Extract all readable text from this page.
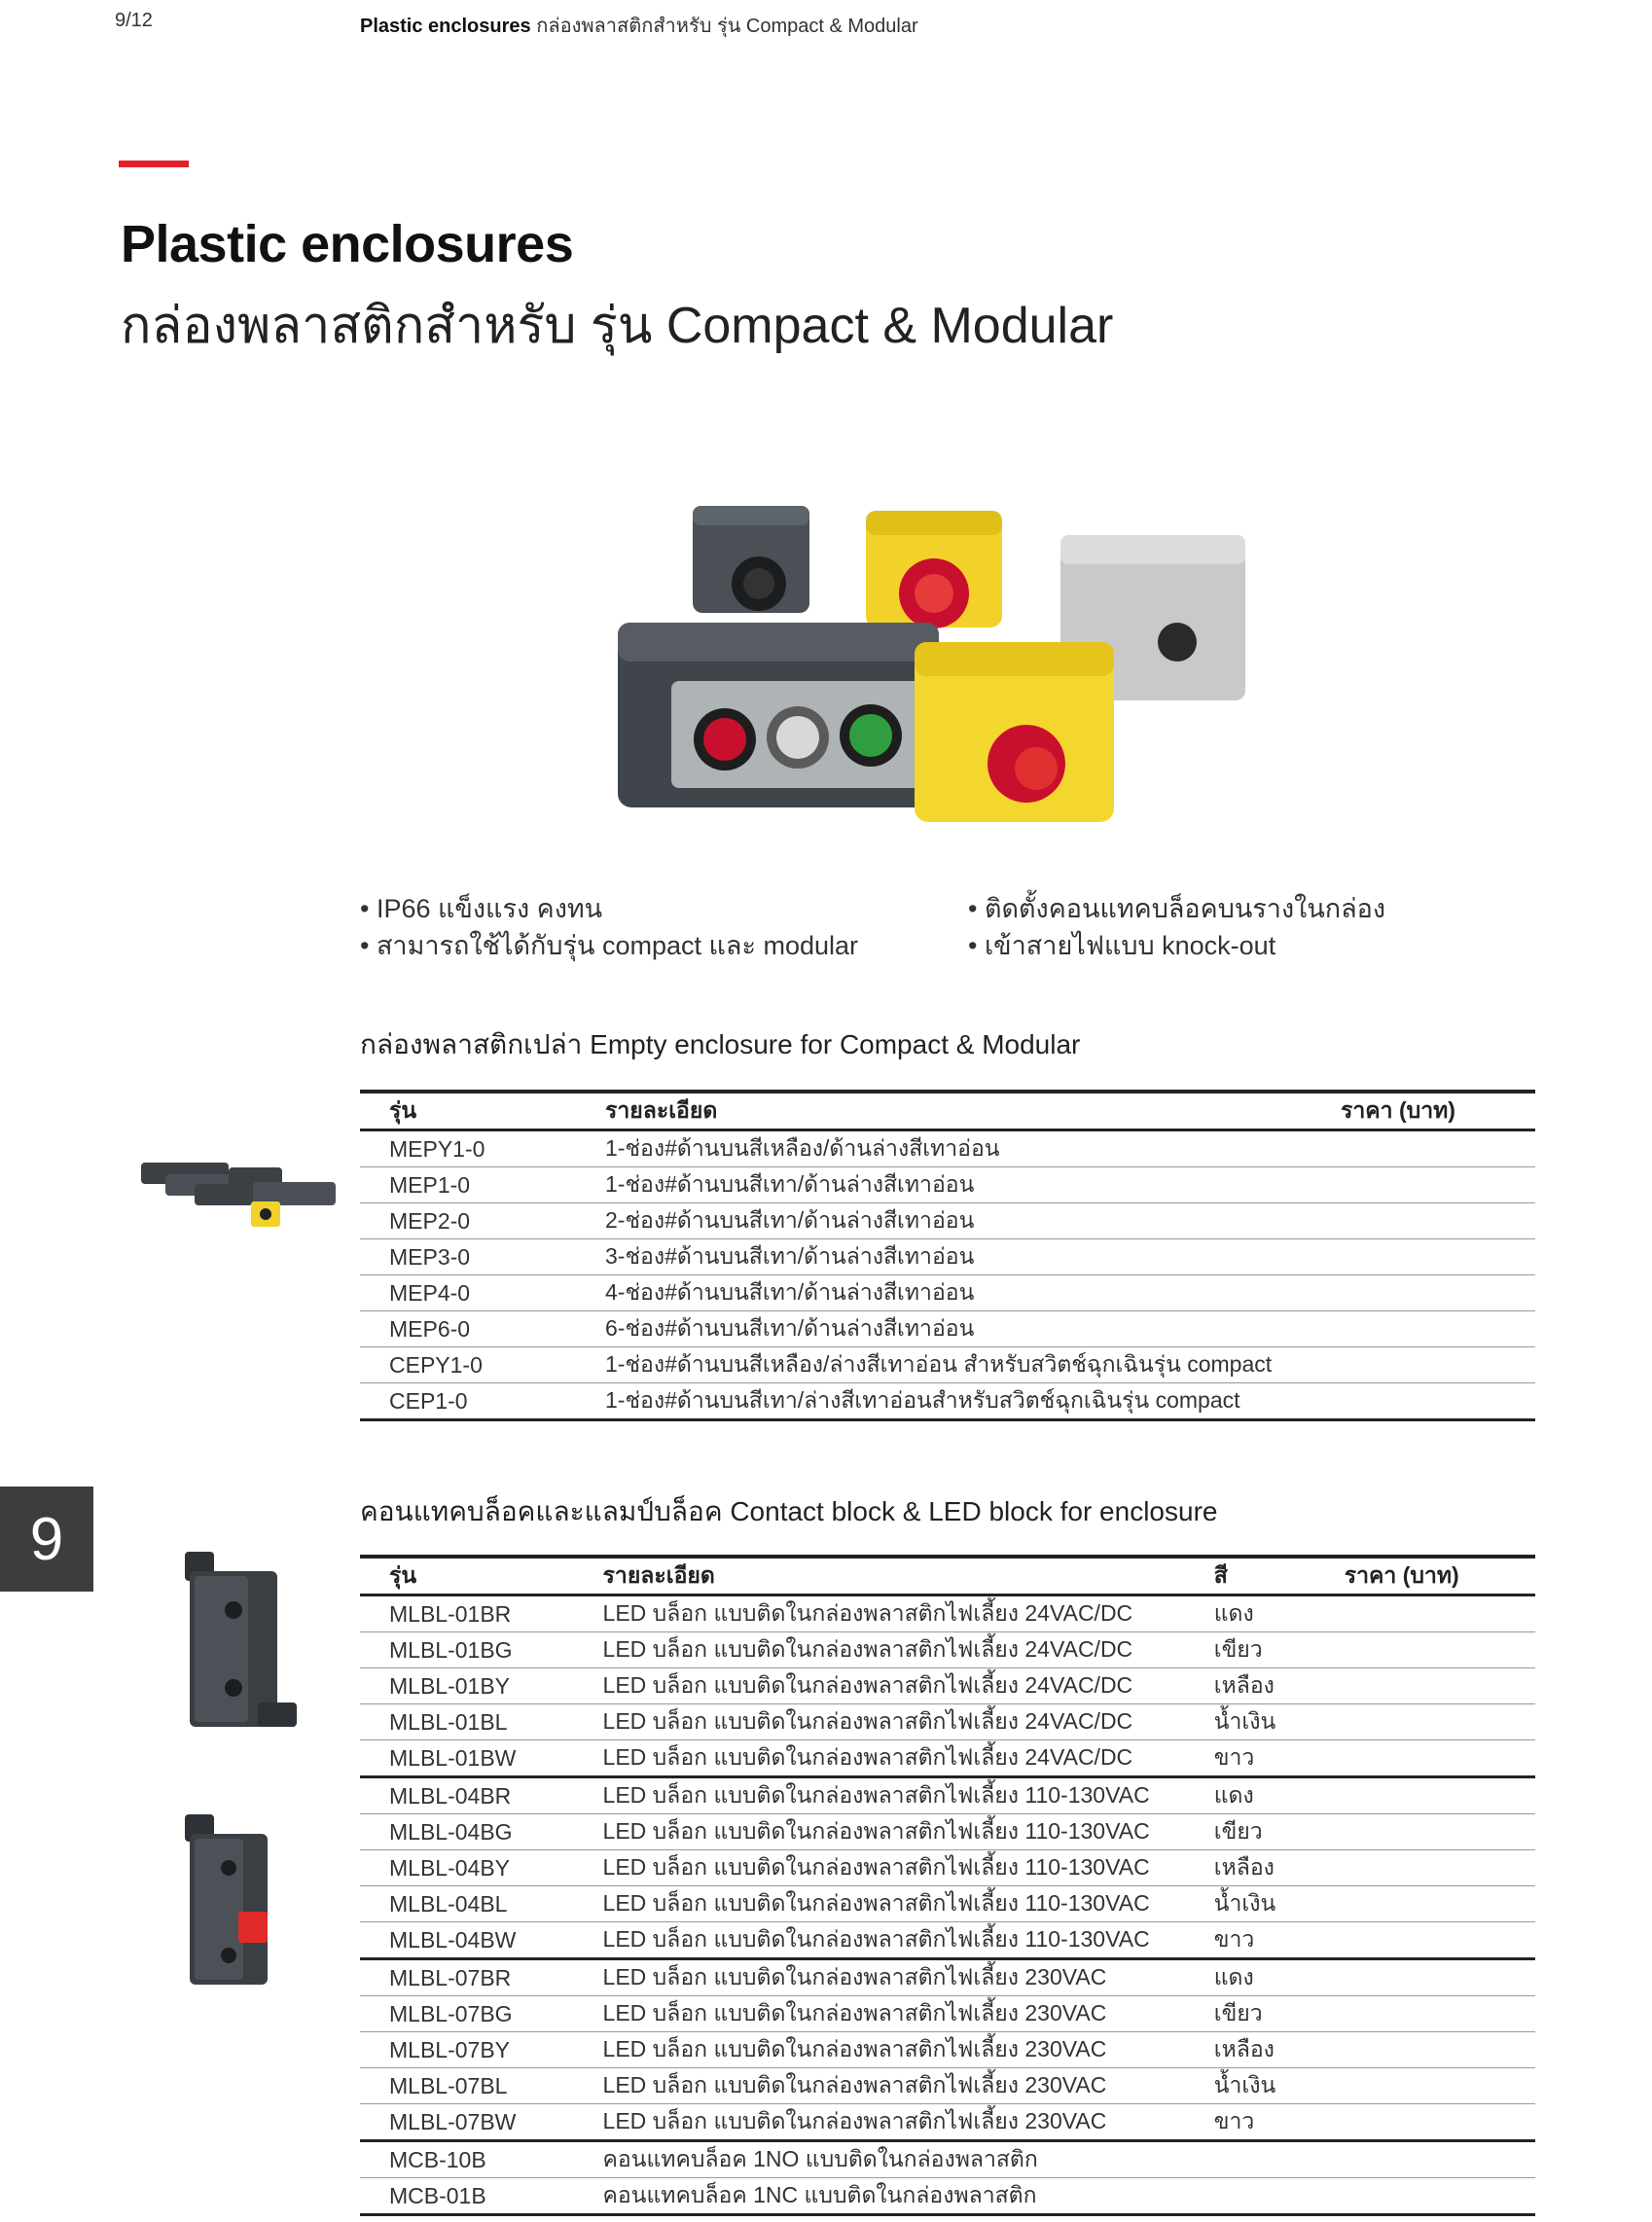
9/12	Plastic enclosures กล่องพลาสติกสำหรับ รุ่น Compact & Modular
Plastic enclosures
กล่องพลาสติกสำหรับ รุ่น Compact & Modular
• IP66 แข็งแรง คงทน
• สามารถใช้ได้กับรุ่น compact และ modular
• ติดตั้งคอนแทคบล็อคบนรางในกล่อง
• เข้าสายไฟแบบ knock-out
กล่องพลาสติกเปล่า Empty enclosure for Compact & Modular
รุ่น	รายละเอียด	ราคา (บาท)
MEPY1-0	1-ช่อง#ด้านบนสีเหลือง/ด้านล่างสีเทาอ่อน	
MEP1-0	1-ช่อง#ด้านบนสีเทา/ด้านล่างสีเทาอ่อน	
MEP2-0	2-ช่อง#ด้านบนสีเทา/ด้านล่างสีเทาอ่อน	
MEP3-0	3-ช่อง#ด้านบนสีเทา/ด้านล่างสีเทาอ่อน	
MEP4-0	4-ช่อง#ด้านบนสีเทา/ด้านล่างสีเทาอ่อน	
MEP6-0	6-ช่อง#ด้านบนสีเทา/ด้านล่างสีเทาอ่อน	
CEPY1-0	1-ช่อง#ด้านบนสีเหลือง/ล่างสีเทาอ่อน สำหรับสวิตช์ฉุกเฉินรุ่น compact	
CEP1-0	1-ช่อง#ด้านบนสีเทา/ล่างสีเทาอ่อนสำหรับสวิตช์ฉุกเฉินรุ่น compact	
9	คอนแทคบล็อคและแลมป์บล็อค Contact block & LED block for enclosure
รุ่น	รายละเอียด	สี	ราคา (บาท)
MLBL-01BR	LED บล็อก แบบติดในกล่องพลาสติกไฟเลี้ยง 24VAC/DC	แดง	
MLBL-01BG	LED บล็อก แบบติดในกล่องพลาสติกไฟเลี้ยง 24VAC/DC	เขียว	
MLBL-01BY	LED บล็อก แบบติดในกล่องพลาสติกไฟเลี้ยง 24VAC/DC	เหลือง	
MLBL-01BL	LED บล็อก แบบติดในกล่องพลาสติกไฟเลี้ยง 24VAC/DC	น้ำเงิน	
MLBL-01BW	LED บล็อก แบบติดในกล่องพลาสติกไฟเลี้ยง 24VAC/DC	ขาว	
MLBL-04BR	LED บล็อก แบบติดในกล่องพลาสติกไฟเลี้ยง 110-130VAC	แดง	
MLBL-04BG	LED บล็อก แบบติดในกล่องพลาสติกไฟเลี้ยง 110-130VAC	เขียว	
MLBL-04BY	LED บล็อก แบบติดในกล่องพลาสติกไฟเลี้ยง 110-130VAC	เหลือง	
MLBL-04BL	LED บล็อก แบบติดในกล่องพลาสติกไฟเลี้ยง 110-130VAC	น้ำเงิน	
MLBL-04BW	LED บล็อก แบบติดในกล่องพลาสติกไฟเลี้ยง 110-130VAC	ขาว	
MLBL-07BR	LED บล็อก แบบติดในกล่องพลาสติกไฟเลี้ยง 230VAC	แดง	
MLBL-07BG	LED บล็อก แบบติดในกล่องพลาสติกไฟเลี้ยง 230VAC	เขียว	
MLBL-07BY	LED บล็อก แบบติดในกล่องพลาสติกไฟเลี้ยง 230VAC	เหลือง	
MLBL-07BL	LED บล็อก แบบติดในกล่องพลาสติกไฟเลี้ยง 230VAC	น้ำเงิน	
MLBL-07BW	LED บล็อก แบบติดในกล่องพลาสติกไฟเลี้ยง 230VAC	ขาว	
MCB-10B	คอนแทคบล็อค 1NO แบบติดในกล่องพลาสติก		
MCB-01B	คอนแทคบล็อค 1NC แบบติดในกล่องพลาสติก		
